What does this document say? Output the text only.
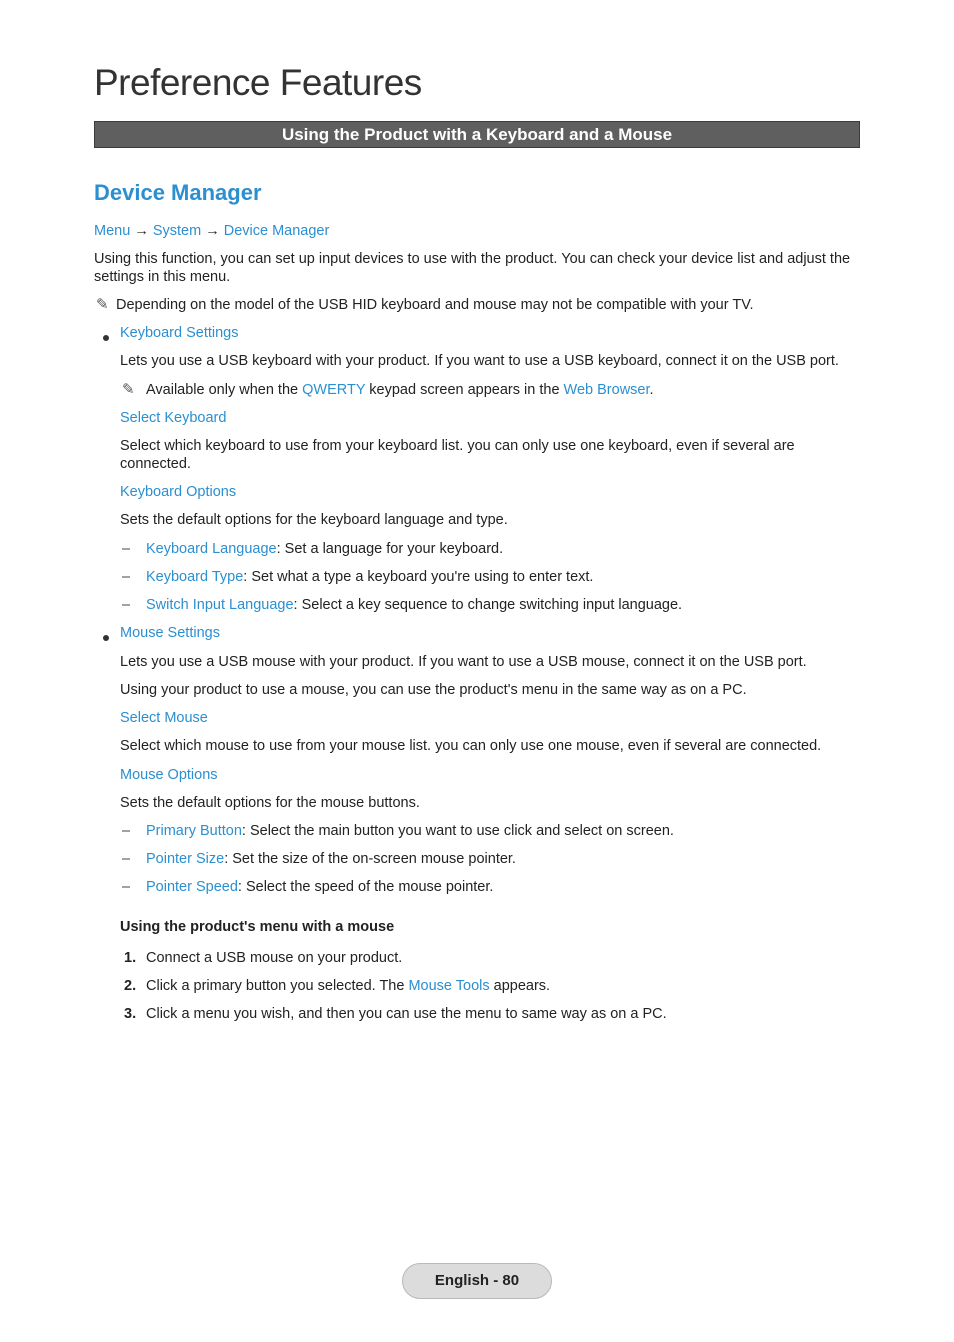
Preference Features
Using the Product with a Keyboard and a Mouse
Device Manager
Menu → System → Device Manager
Using this function, you can set up input devices to use with the product. You can check your device list and adjust the
settings in this menu.
✎ Depending on the model of the USB HID keyboard and mouse may not be compatible with your TV.
Keyboard Settings
Lets you use a USB keyboard with your product. If you want to use a USB keyboard, connect it on the USB port.
✎ Available only when the QWERTY keypad screen appears in the Web Browser.
Select Keyboard
Select which keyboard to use from your keyboard list. you can only use one keyboard, even if several are
connected.
Keyboard Options
Sets the default options for the keyboard language and type.
– Keyboard Language: Set a language for your keyboard.
– Keyboard Type: Set what a type a keyboard you're using to enter text.
– Switch Input Language: Select a key sequence to change switching input language.
Mouse Settings
Lets you use a USB mouse with your product. If you want to use a USB mouse, connect it on the USB port.
Using your product to use a mouse, you can use the product's menu in the same way as on a PC.
Select Mouse
Select which mouse to use from your mouse list. you can only use one mouse, even if several are connected.
Mouse Options
Sets the default options for the mouse buttons.
– Primary Button: Select the main button you want to use click and select on screen.
– Pointer Size: Set the size of the on-screen mouse pointer.
– Pointer Speed: Select the speed of the mouse pointer.
Using the product's menu with a mouse
1. Connect a USB mouse on your product.
2. Click a primary button you selected. The Mouse Tools appears.
3. Click a menu you wish, and then you can use the menu to same way as on a PC.
English - 80
